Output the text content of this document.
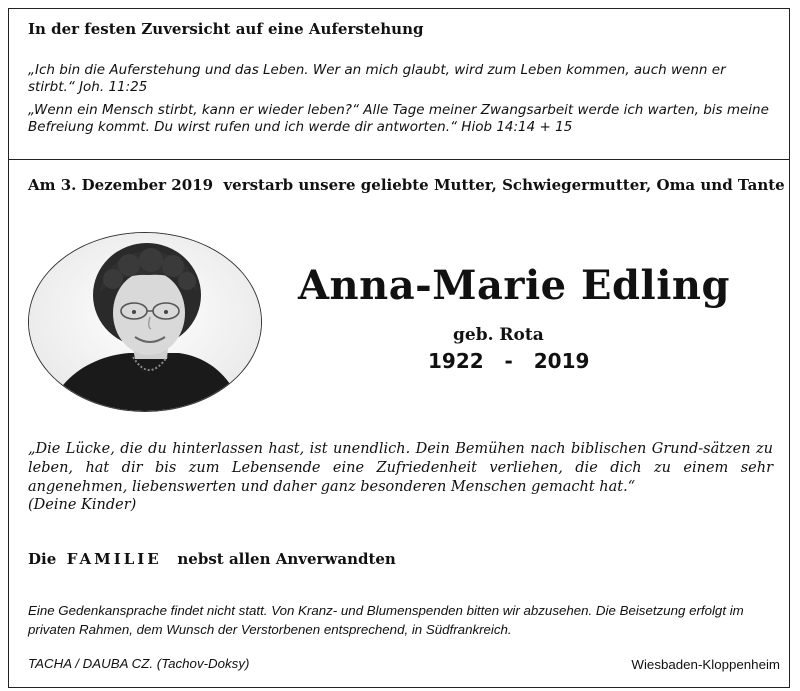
In der festen Zuversicht auf eine Auferstehung
„Ich bin die Auferstehung und das Leben. Wer an mich glaubt, wird zum Leben kommen, auch wenn er stirbt.“ Joh. 11:25
„Wenn ein Mensch stirbt, kann er wieder leben?“ Alle Tage meiner Zwangsarbeit werde ich warten, bis meine Befreiung kommt. Du wirst rufen und ich werde dir antworten.“ Hiob 14:14 + 15
Am 3. Dezember 2019  verstarb unsere geliebte Mutter, Schwiegermutter, Oma und Tante
Anna-Marie Edling
geb. Rota
1922   -   2019
„Die Lücke, die du hinterlassen hast, ist unendlich. Dein Bemühen nach biblischen Grund-sätzen zu leben, hat dir bis zum Lebensende eine Zufriedenheit verliehen, die dich zu einem sehr angenehmen, liebenswerten und daher ganz besonderen Menschen gemacht hat.“
(Deine Kinder)
Die FAMILIE nebst allen Anverwandten
Eine Gedenkansprache findet nicht statt. Von Kranz- und Blumenspenden bitten wir abzusehen. Die Beisetzung erfolgt im privaten Rahmen, dem Wunsch der Verstorbenen entsprechend, in Südfrankreich.
TACHA / DAUBA CZ. (Tachov-Doksy)	Wiesbaden-Kloppenheim
